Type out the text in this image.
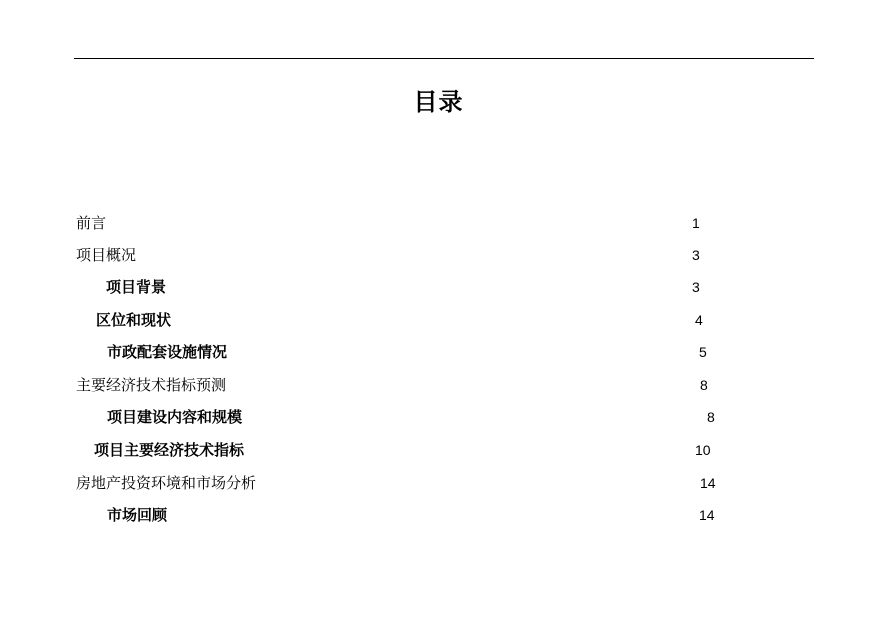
目录
前言	1
项目概况	3
项目背景	3
区位和现状	4
市政配套设施情况	5
主要经济技术指标预测	8
项目建设内容和规模	8
项目主要经济技术指标	10
房地产投资环境和市场分析	14
市场回顾	14
